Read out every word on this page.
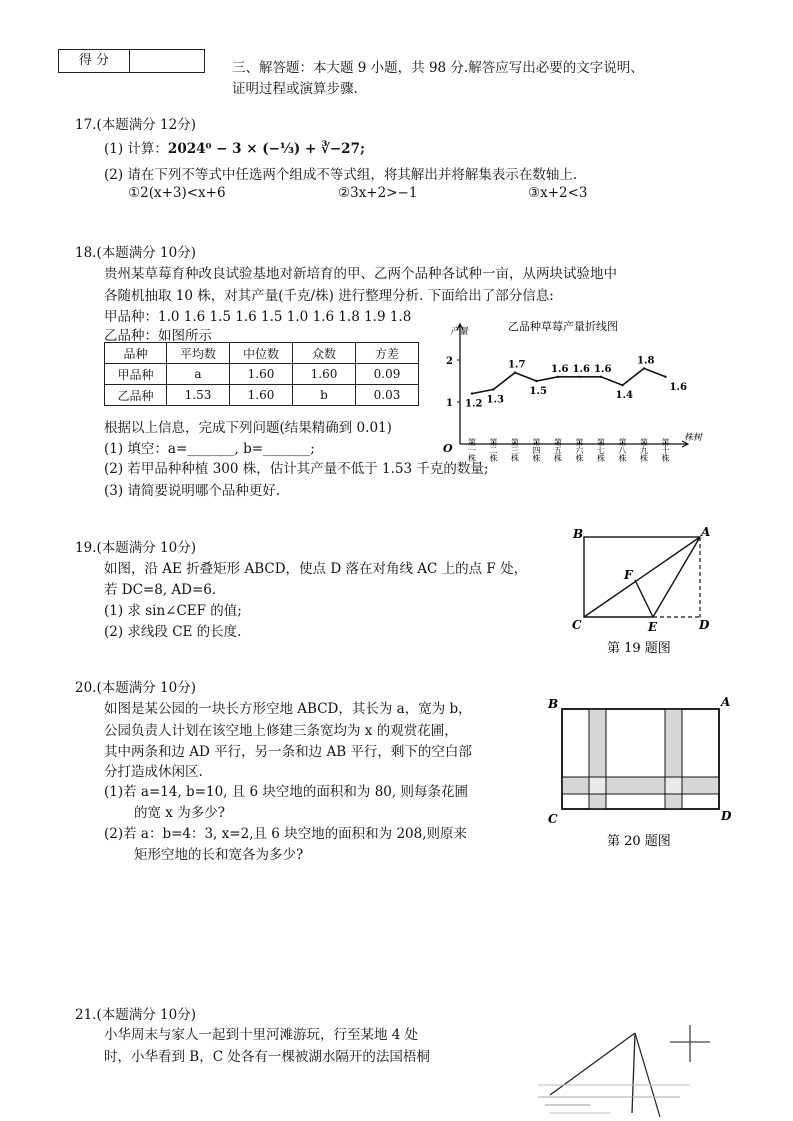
得 分	三、解答题：本大题 9 小题，共 98 分.解答应写出必要的文字说明、
证明过程或演算步骤.
17.(本题满分 12分)
(1) 计算：2024⁰ − 3 × (−⅓) + ∛−27;
(2) 请在下列不等式中任选两个组成不等式组，将其解出并将解集表示在数轴上.
①2(x+3)<x+6	②3x+2>−1	③x+2<3
18.(本题满分 10分)
贵州某草莓育种改良试验基地对新培育的甲、乙两个品种各试种一亩，从两块试验地中
各随机抽取 10 株，对其产量(千克/株) 进行整理分析. 下面给出了部分信息:
甲品种：1.0 1.6 1.5 1.6 1.5 1.0 1.6 1.8 1.9 1.8
乙品种：如图所示
品种	平均数	中位数	众数	方差
甲品种	a	1.60	1.60	0.09
乙品种	1.53	1.60	b	0.03
根据以上信息，完成下列问题(结果精确到 0.01)
(1) 填空：a=_______, b=_______;
(2) 若甲品种种植 300 株，估计其产量不低于 1.53 千克的数量;
(3) 请简要说明哪个品种更好.
乙品种草莓产量折线图
产量
株树
O
1
2
1.2 1.3
1.7
1.5
1.6 1.6 1.6
1.4
1.8
1.6
第一株
第二株
第三株
第四株
第五株
第六株
第七株
第八株
第九株
第十株
19.(本题满分 10分)
如图，沿 AE 折叠矩形 ABCD，使点 D 落在对角线 AC 上的点 F 处，
若 DC=8, AD=6.
(1) 求 sin∠CEF 的值;
(2) 求线段 CE 的长度.
B	A
C	D
E
F
第 19 题图
20.(本题满分 10分)
如图是某公园的一块长方形空地 ABCD，其长为 a，宽为 b，
公园负责人计划在该空地上修建三条宽均为 x 的观赏花圃，
其中两条和边 AD 平行，另一条和边 AB 平行，剩下的空白部
分打造成休闲区.
(1)若 a=14, b=10, 且 6 块空地的面积和为 80, 则每条花圃
的宽 x 为多少?
(2)若 a：b=4：3, x=2,且 6 块空地的面积和为 208,则原来
矩形空地的长和宽各为多少?
B	A
C	D
第 20 题图
21.(本题满分 10分)
小华周末与家人一起到十里河滩游玩，行至某地 4 处
时，小华看到 B，C 处各有一棵被湖水隔开的法国梧桐
